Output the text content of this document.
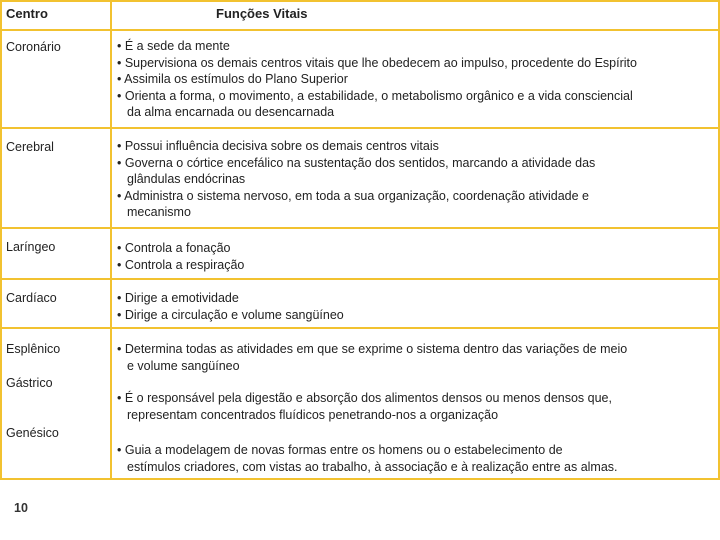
Centro	Funções Vitais
Coronário	• É a sede da mente
• Supervisiona os demais centros vitais que lhe obedecem ao impulso, procedente do Espírito
• Assimila os estímulos do Plano Superior
• Orienta a forma, o movimento, a estabilidade, o metabolismo orgânico e a vida consciencial
da alma encarnada ou desencarnada
Cerebral	• Possui influência decisiva sobre os demais centros vitais
• Governa o córtice encefálico na sustentação dos sentidos, marcando a atividade das
glândulas endócrinas
• Administra o sistema nervoso, em toda a sua organização, coordenação atividade e
mecanismo
Laríngeo	• Controla a fonação
• Controla a respiração
Cardíaco	• Dirige a emotividade
• Dirige a circulação e volume sangüíneo
Esplênico	• Determina todas as atividades em que se exprime o sistema dentro das variações de meio
e volume sangüíneo
Gástrico
• É o responsável pela digestão e absorção dos alimentos densos ou menos densos que,
representam concentrados fluídicos penetrando-nos a organização
Genésico
• Guia a modelagem de novas formas entre os homens ou o estabelecimento de
estímulos criadores, com vistas ao trabalho, à associação e à realização entre as almas.
10
